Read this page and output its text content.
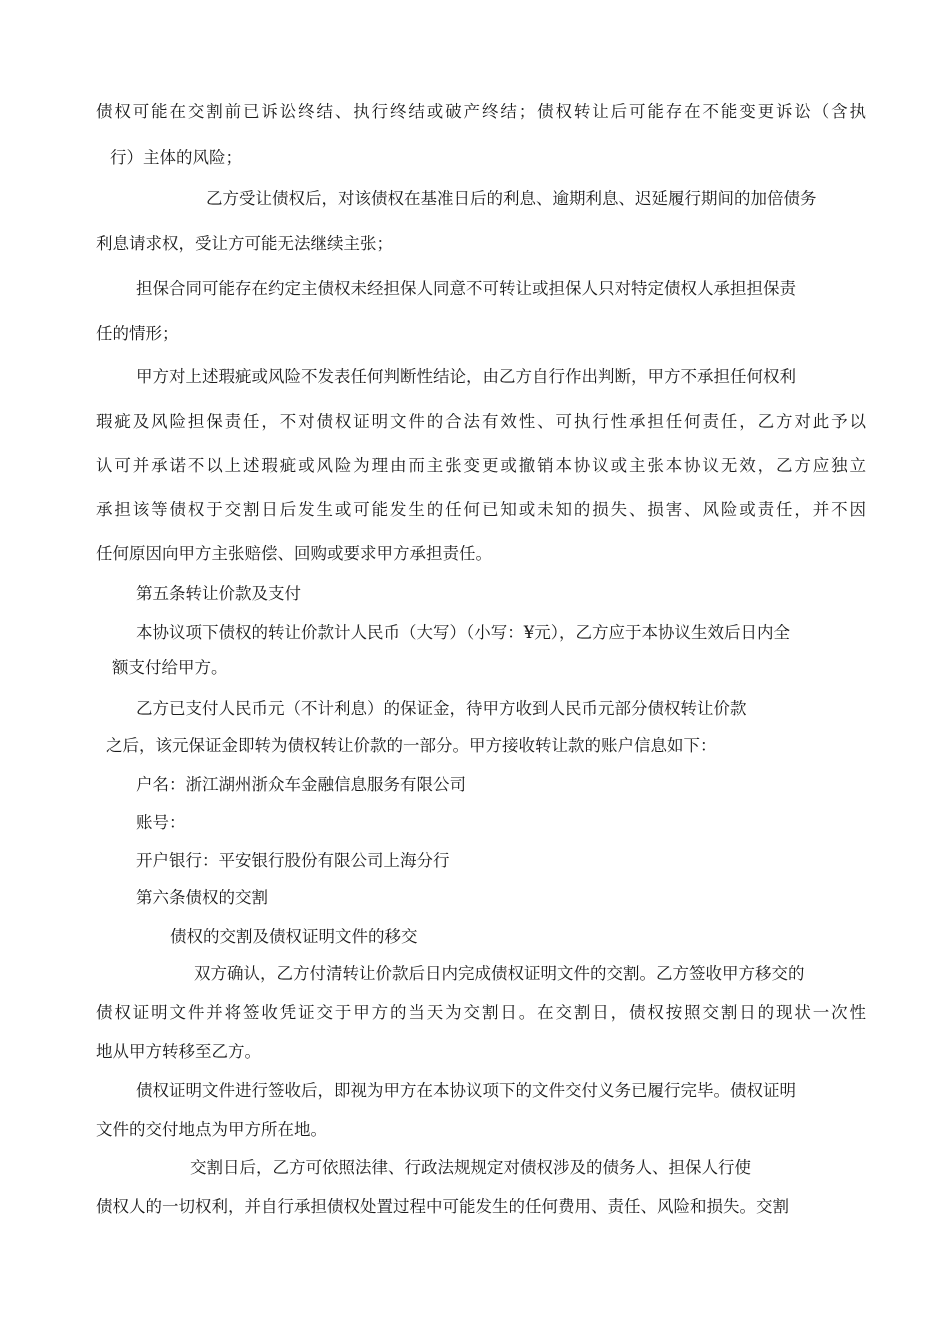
债权可能在交割前已诉讼终结、执行终结或破产终结；债权转让后可能存在不能变更诉讼（含执

行）主体的风险；

乙方受让债权后，对该债权在基准日后的利息、逾期利息、迟延履行期间的加倍债务

利息请求权，受让方可能无法继续主张；

担保合同可能存在约定主债权未经担保人同意不可转让或担保人只对特定债权人承担担保责

任的情形；

甲方对上述瑕疵或风险不发表任何判断性结论，由乙方自行作出判断，甲方不承担任何权利

瑕疵及风险担保责任，不对债权证明文件的合法有效性、可执行性承担任何责任，乙方对此予以

认可并承诺不以上述瑕疵或风险为理由而主张变更或撤销本协议或主张本协议无效，乙方应独立

承担该等债权于交割日后发生或可能发生的任何已知或未知的损失、损害、风险或责任，并不因

任何原因向甲方主张赔偿、回购或要求甲方承担责任。

第五条转让价款及支付

本协议项下债权的转让价款计人民币（大写）（小写：¥元），乙方应于本协议生效后日内全

额支付给甲方。

乙方已支付人民币元（不计利息）的保证金，待甲方收到人民币元部分债权转让价款

之后，该元保证金即转为债权转让价款的一部分。甲方接收转让款的账户信息如下：

户名：浙江湖州浙众车金融信息服务有限公司

账号：

开户银行：平安银行股份有限公司上海分行

第六条债权的交割

债权的交割及债权证明文件的移交

双方确认，乙方付清转让价款后日内完成债权证明文件的交割。乙方签收甲方移交的

债权证明文件并将签收凭证交于甲方的当天为交割日。在交割日，债权按照交割日的现状一次性

地从甲方转移至乙方。

债权证明文件进行签收后，即视为甲方在本协议项下的文件交付义务已履行完毕。债权证明

文件的交付地点为甲方所在地。

交割日后，乙方可依照法律、行政法规规定对债权涉及的债务人、担保人行使

债权人的一切权利，并自行承担债权处置过程中可能发生的任何费用、责任、风险和损失。交割
